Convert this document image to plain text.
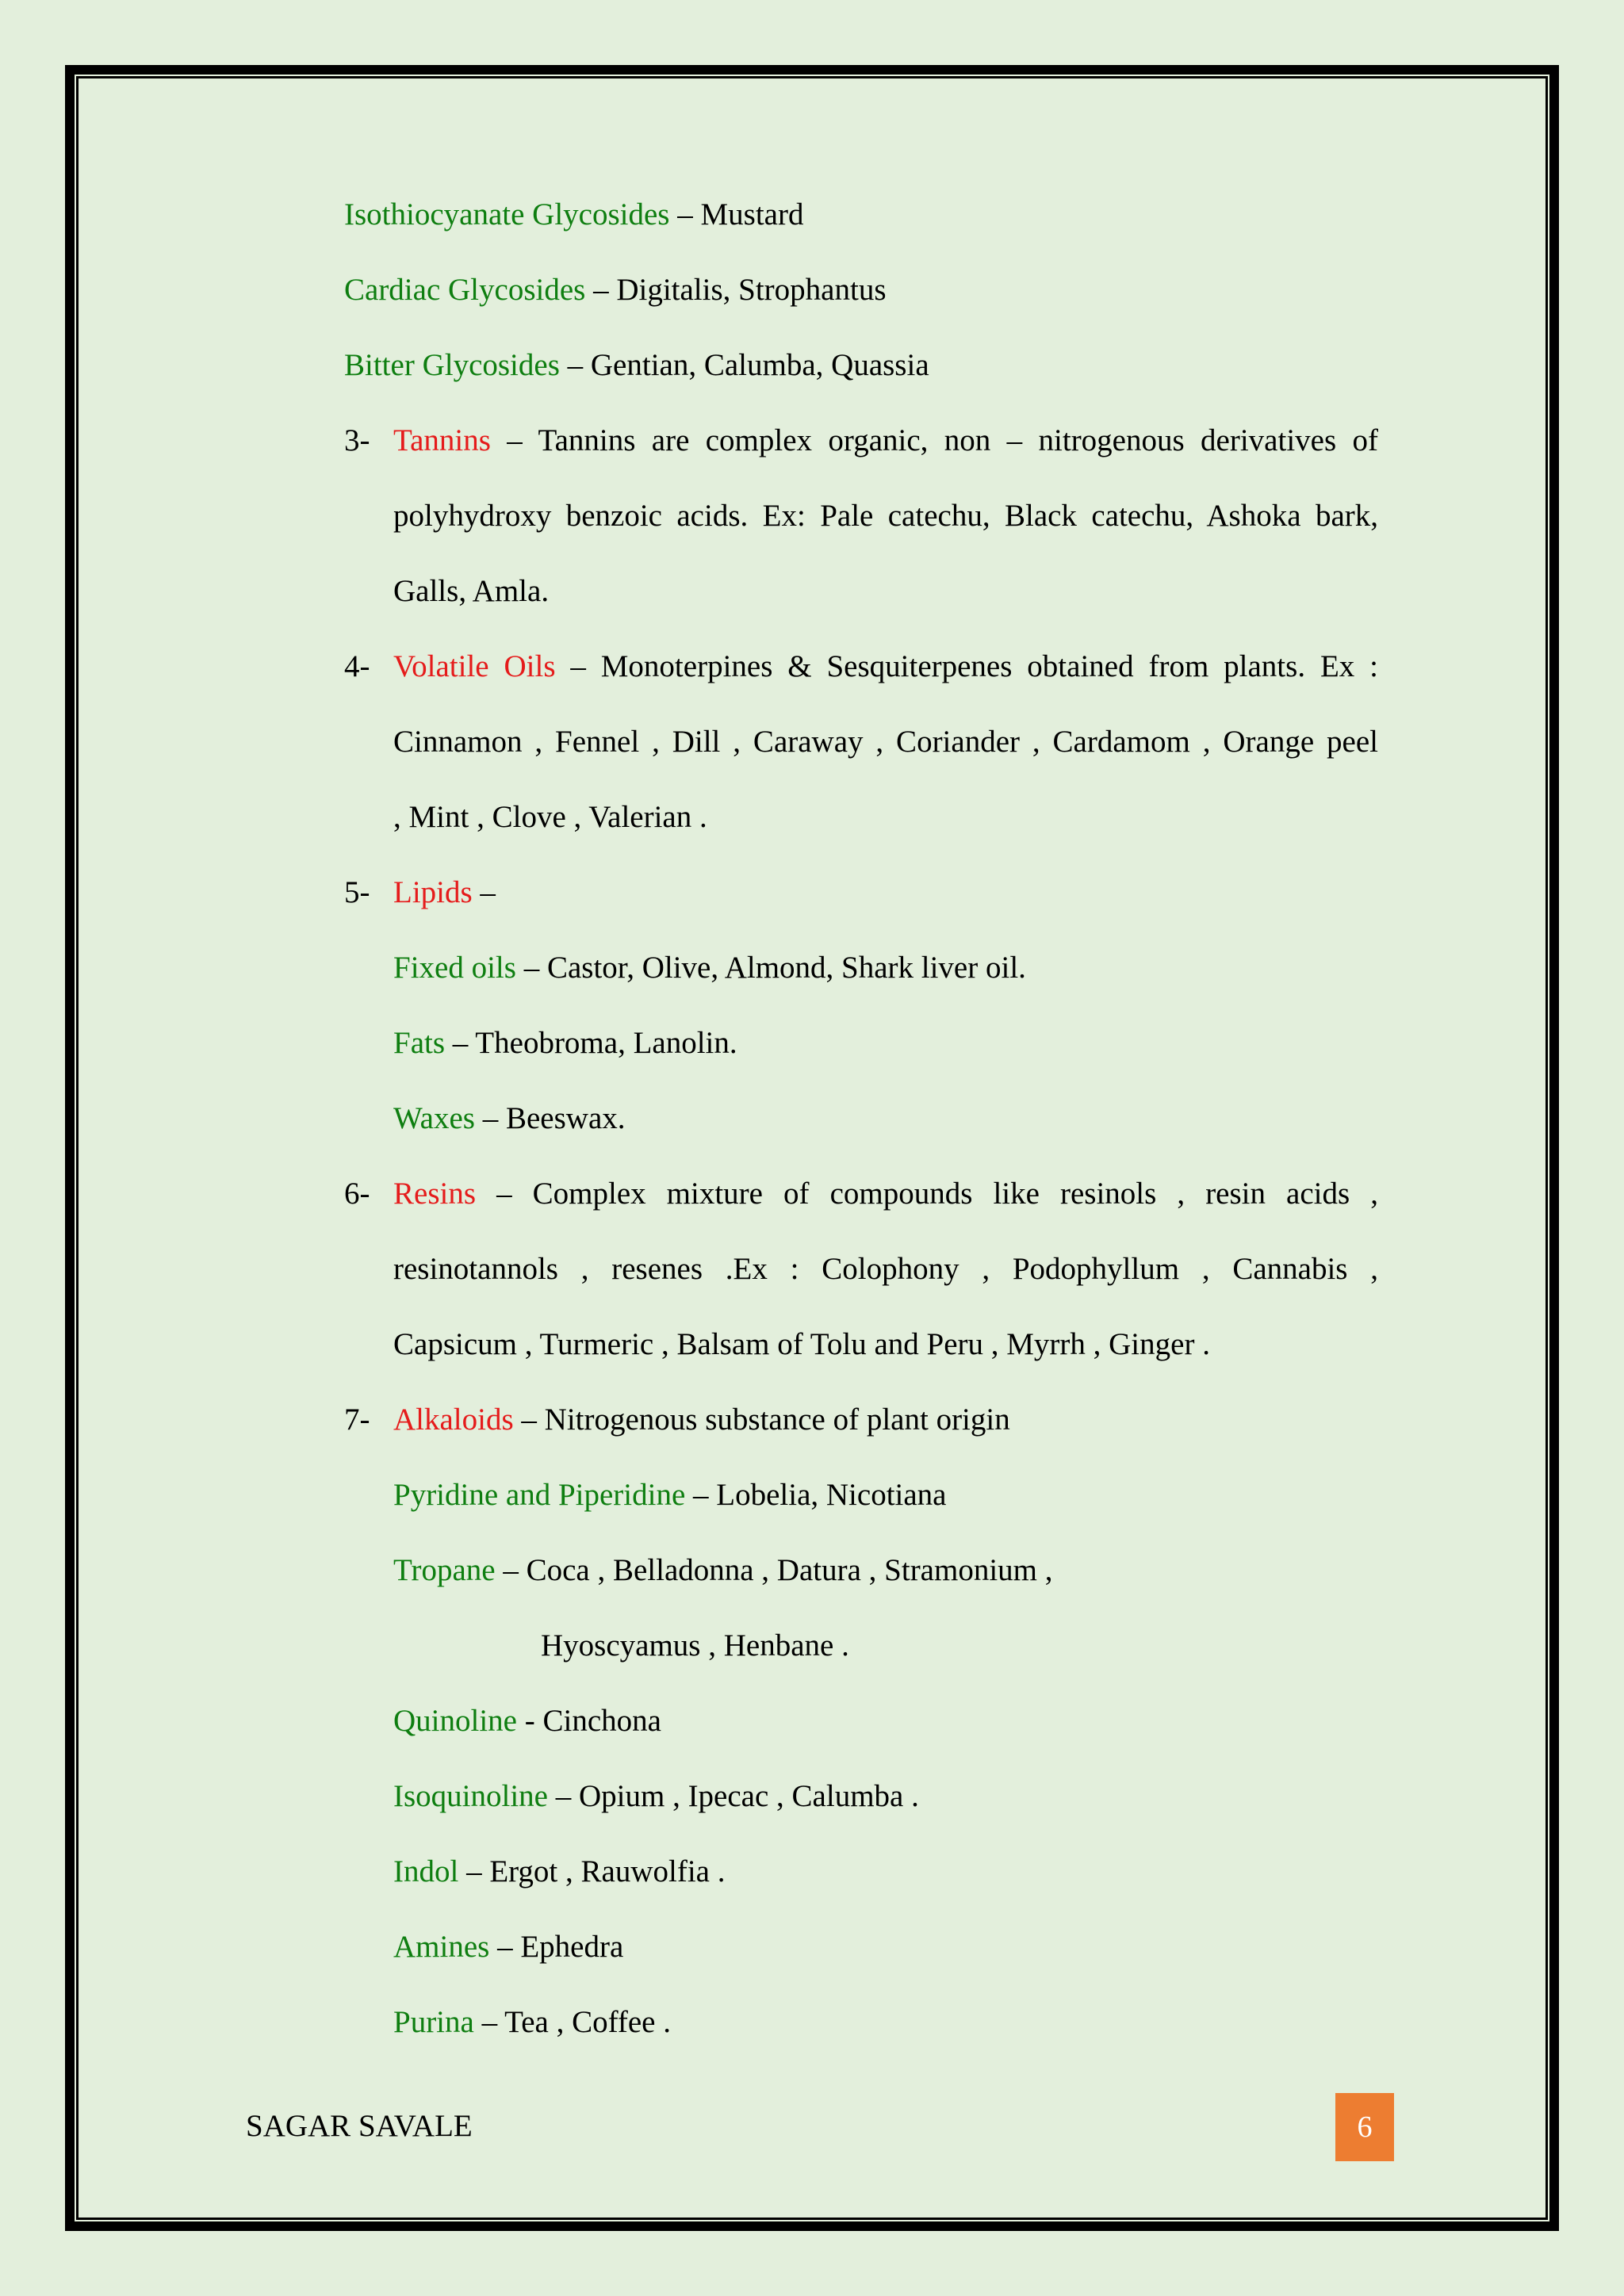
Isothiocyanate Glycosides – Mustard
Cardiac Glycosides – Digitalis, Strophantus
Bitter Glycosides – Gentian, Calumba, Quassia
3- Tannins – Tannins are complex organic, non – nitrogenous derivatives of
polyhydroxy benzoic acids. Ex: Pale catechu, Black catechu, Ashoka bark,
Galls, Amla.
4- Volatile Oils – Monoterpines & Sesquiterpenes obtained from plants. Ex :
Cinnamon , Fennel , Dill , Caraway , Coriander , Cardamom , Orange peel
, Mint , Clove , Valerian .
5- Lipids –
Fixed oils – Castor, Olive, Almond, Shark liver oil.
Fats – Theobroma, Lanolin.
Waxes – Beeswax.
6- Resins – Complex mixture of compounds like resinols , resin acids ,
resinotannols , resenes .Ex : Colophony , Podophyllum , Cannabis ,
Capsicum , Turmeric , Balsam of Tolu and Peru , Myrrh , Ginger .
7- Alkaloids – Nitrogenous substance of plant origin
Pyridine and Piperidine – Lobelia, Nicotiana
Tropane – Coca , Belladonna , Datura , Stramonium ,
Hyoscyamus , Henbane .
Quinoline - Cinchona
Isoquinoline – Opium , Ipecac , Calumba .
Indol – Ergot , Rauwolfia .
Amines – Ephedra
Purina – Tea , Coffee .
SAGAR SAVALE	6
